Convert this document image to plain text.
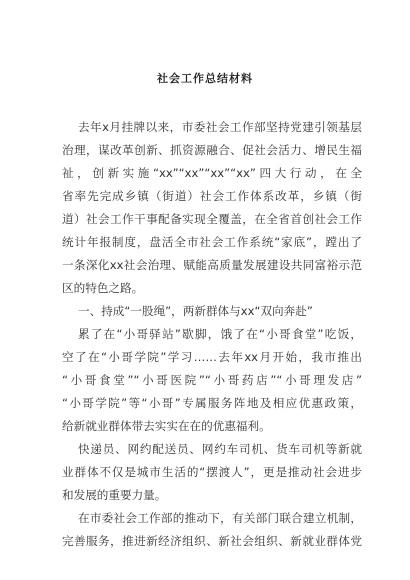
社会工作总结材料

去年x月挂牌以来，市委社会工作部坚持党建引领基层

治理，谋改革创新、抓资源融合、促社会活力、增民生福

祉，创新实施“xx”“xx”“xx”“xx”四大行动，在全

省率先完成乡镇（街道）社会工作体系改革，乡镇（街

道）社会工作干事配备实现全覆盖，在全省首创社会工作

统计年报制度，盘活全市社会工作系统“家底”，蹚出了

一条深化xx社会治理、赋能高质量发展建设共同富裕示范

区的特色之路。

一、持成“一股绳”，两新群体与xx“双向奔赴”

累了在“小哥驿站”歇脚，饿了在“小哥食堂”吃饭，

空了在“小哥学院”学习……去年xx月开始，我市推出

“小哥食堂”“小哥医院”“小哥药店”“小哥理发店”

“小哥学院”等“小哥”专属服务阵地及相应优惠政策，

给新就业群体带去实实在在的优惠福利。

快递员、网约配送员、网约车司机、货车司机等新就

业群体不仅是城市生活的“摆渡人”，更是推动社会进步

和发展的重要力量。

在市委社会工作部的推动下，有关部门联合建立机制，

完善服务，推进新经济组织、新社会组织、新就业群体党
